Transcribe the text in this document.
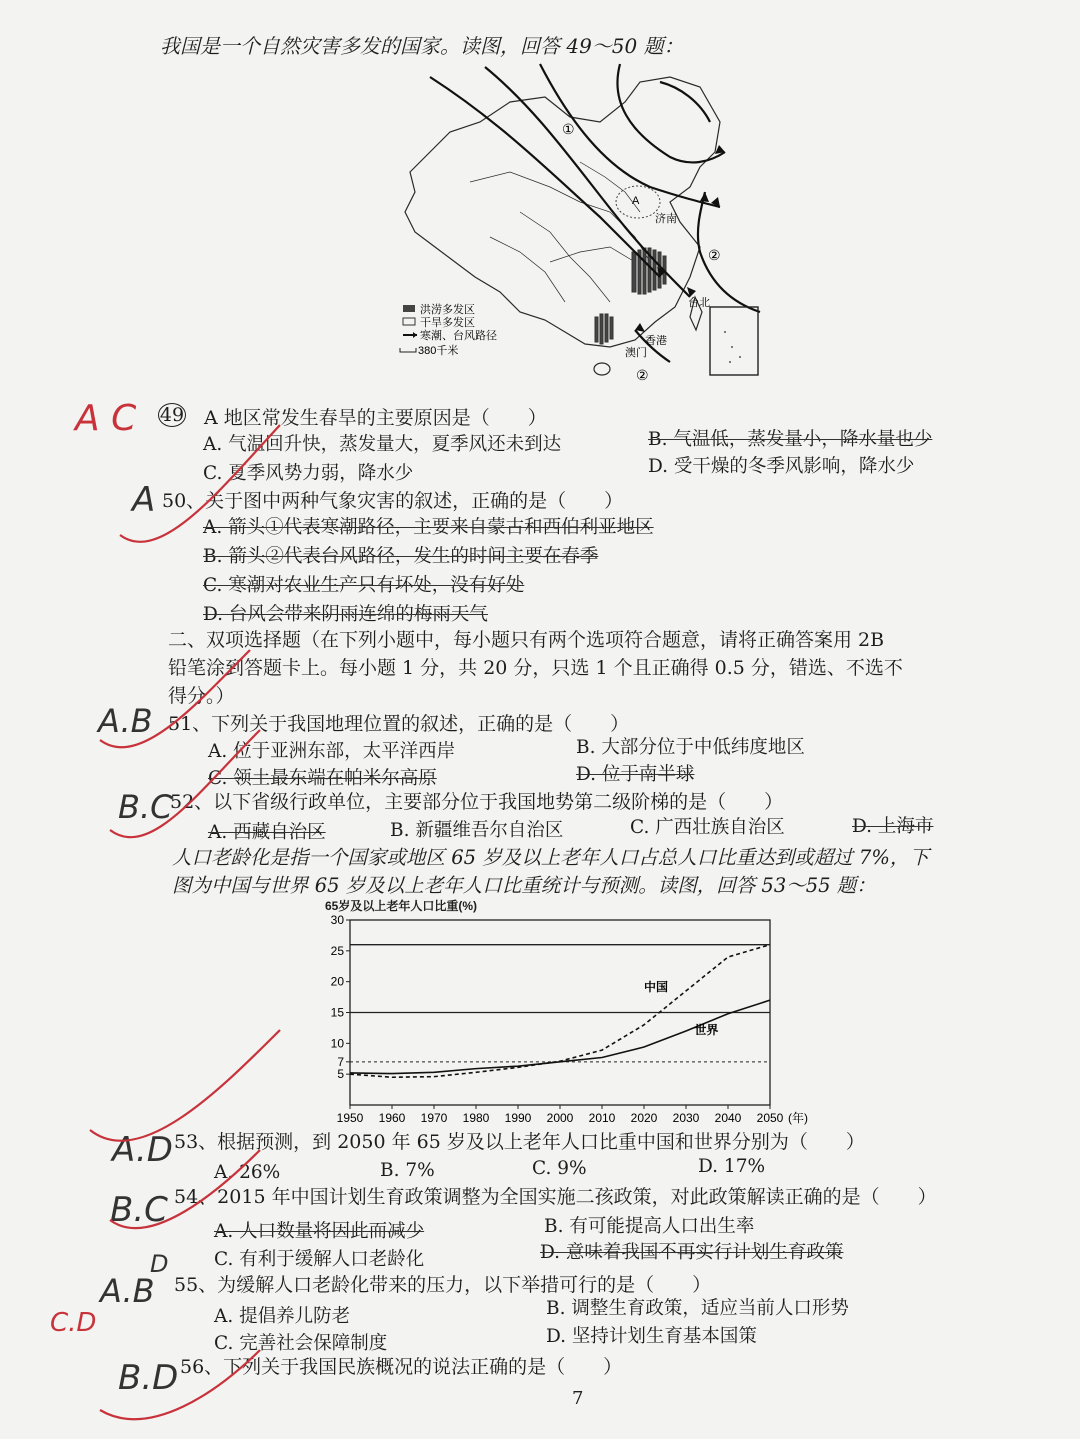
我国是一个自然灾害多发的国家。读图，回答 49～50 题：
A
济南
台北
香港
澳门
①
②
②
洪涝多发区
干旱多发区
寒潮、台风路径
380千米
A C 49 A 地区常发生春旱的主要原因是（　　）
A. 气温回升快，蒸发量大，夏季风还未到达	B. 气温低，蒸发量小，降水量也少
C. 夏季风势力弱，降水少	D. 受干燥的冬季风影响，降水少
A 50、关于图中两种气象灾害的叙述，正确的是（　　）
A. 箭头①代表寒潮路径，主要来自蒙古和西伯利亚地区
B. 箭头②代表台风路径，发生的时间主要在春季
C. 寒潮对农业生产只有坏处，没有好处
D. 台风会带来阴雨连绵的梅雨天气
二、双项选择题（在下列小题中，每小题只有两个选项符合题意，请将正确答案用 2B
铅笔涂到答题卡上。每小题 1 分，共 20 分，只选 1 个且正确得 0.5 分，错选、不选不
得分。）
A.B 51、下列关于我国地理位置的叙述，正确的是（　　）
A. 位于亚洲东部，太平洋西岸	B. 大部分位于中低纬度地区
C. 领土最东端在帕米尔高原	D. 位于南半球
B.C
52、以下省级行政单位，主要部分位于我国地势第二级阶梯的是（　　）
A. 西藏自治区	B. 新疆维吾尔自治区	C. 广西壮族自治区	D. 上海市
人口老龄化是指一个国家或地区 65 岁及以上老年人口占总人口比重达到或超过 7%，下
图为中国与世界 65 岁及以上老年人口比重统计与预测。读图，回答 53～55 题：
65岁及以上老年人口比重(%)
5
7
10
15
20
25
30
1950 1960 1970 1980 1990 2000 2010 2020 2030 2040 2050 (年)
中国
世界
A.D 53、根据预测，到 2050 年 65 岁及以上老年人口比重中国和世界分别为（　　）
A. 26%	B. 7%	C. 9%	D. 17%
B.C 54、2015 年中国计划生育政策调整为全国实施二孩政策，对此政策解读正确的是（　　）
A. 人口数量将因此而减少	B. 有可能提高人口出生率
C. 有利于缓解人口老龄化	D. 意味着我国不再实行计划生育政策
A.B
D
C.D
55、为缓解人口老龄化带来的压力，以下举措可行的是（　　）
A. 提倡养儿防老	B. 调整生育政策，适应当前人口形势
C. 完善社会保障制度	D. 坚持计划生育基本国策
B.D 56、下列关于我国民族概况的说法正确的是（　　）
7
